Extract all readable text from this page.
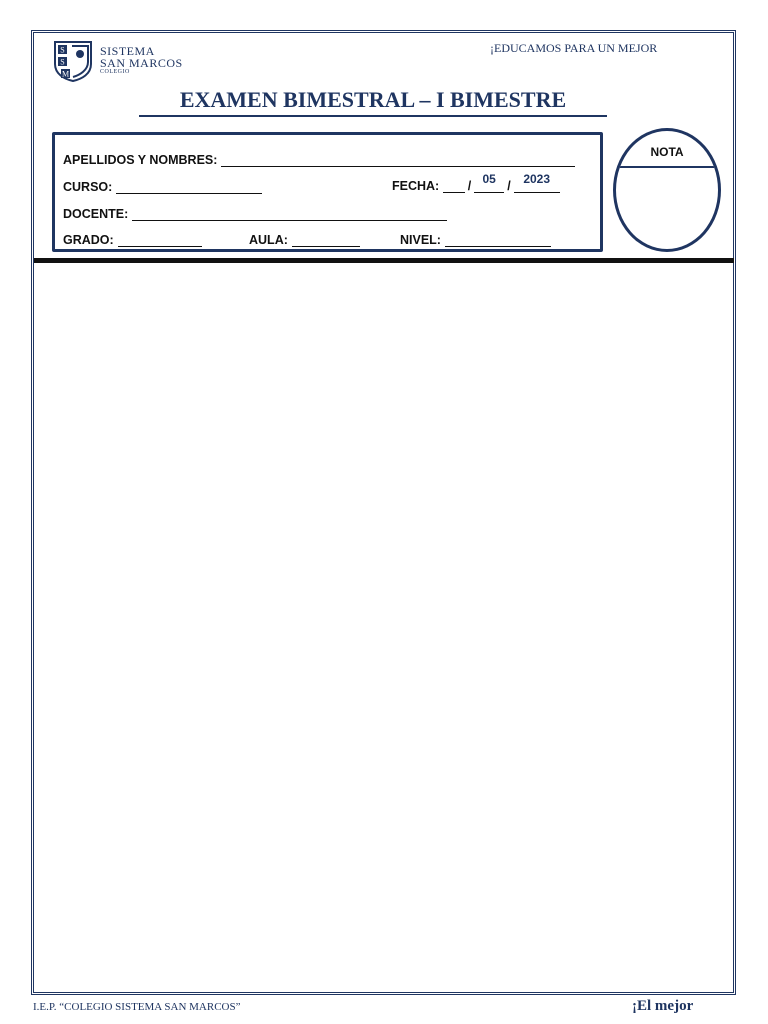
S
S
M
SISTEMA
SAN MARCOS
COLEGIO
¡EDUCAMOS PARA UN MEJOR
EXAMEN BIMESTRAL – I BIMESTRE
APELLIDOS Y NOMBRES:
CURSO:	FECHA: / 05 / 2023
DOCENTE:
GRADO:	AULA:	NIVEL:
NOTA
I.E.P. “COLEGIO SISTEMA SAN MARCOS”	¡El mejor
